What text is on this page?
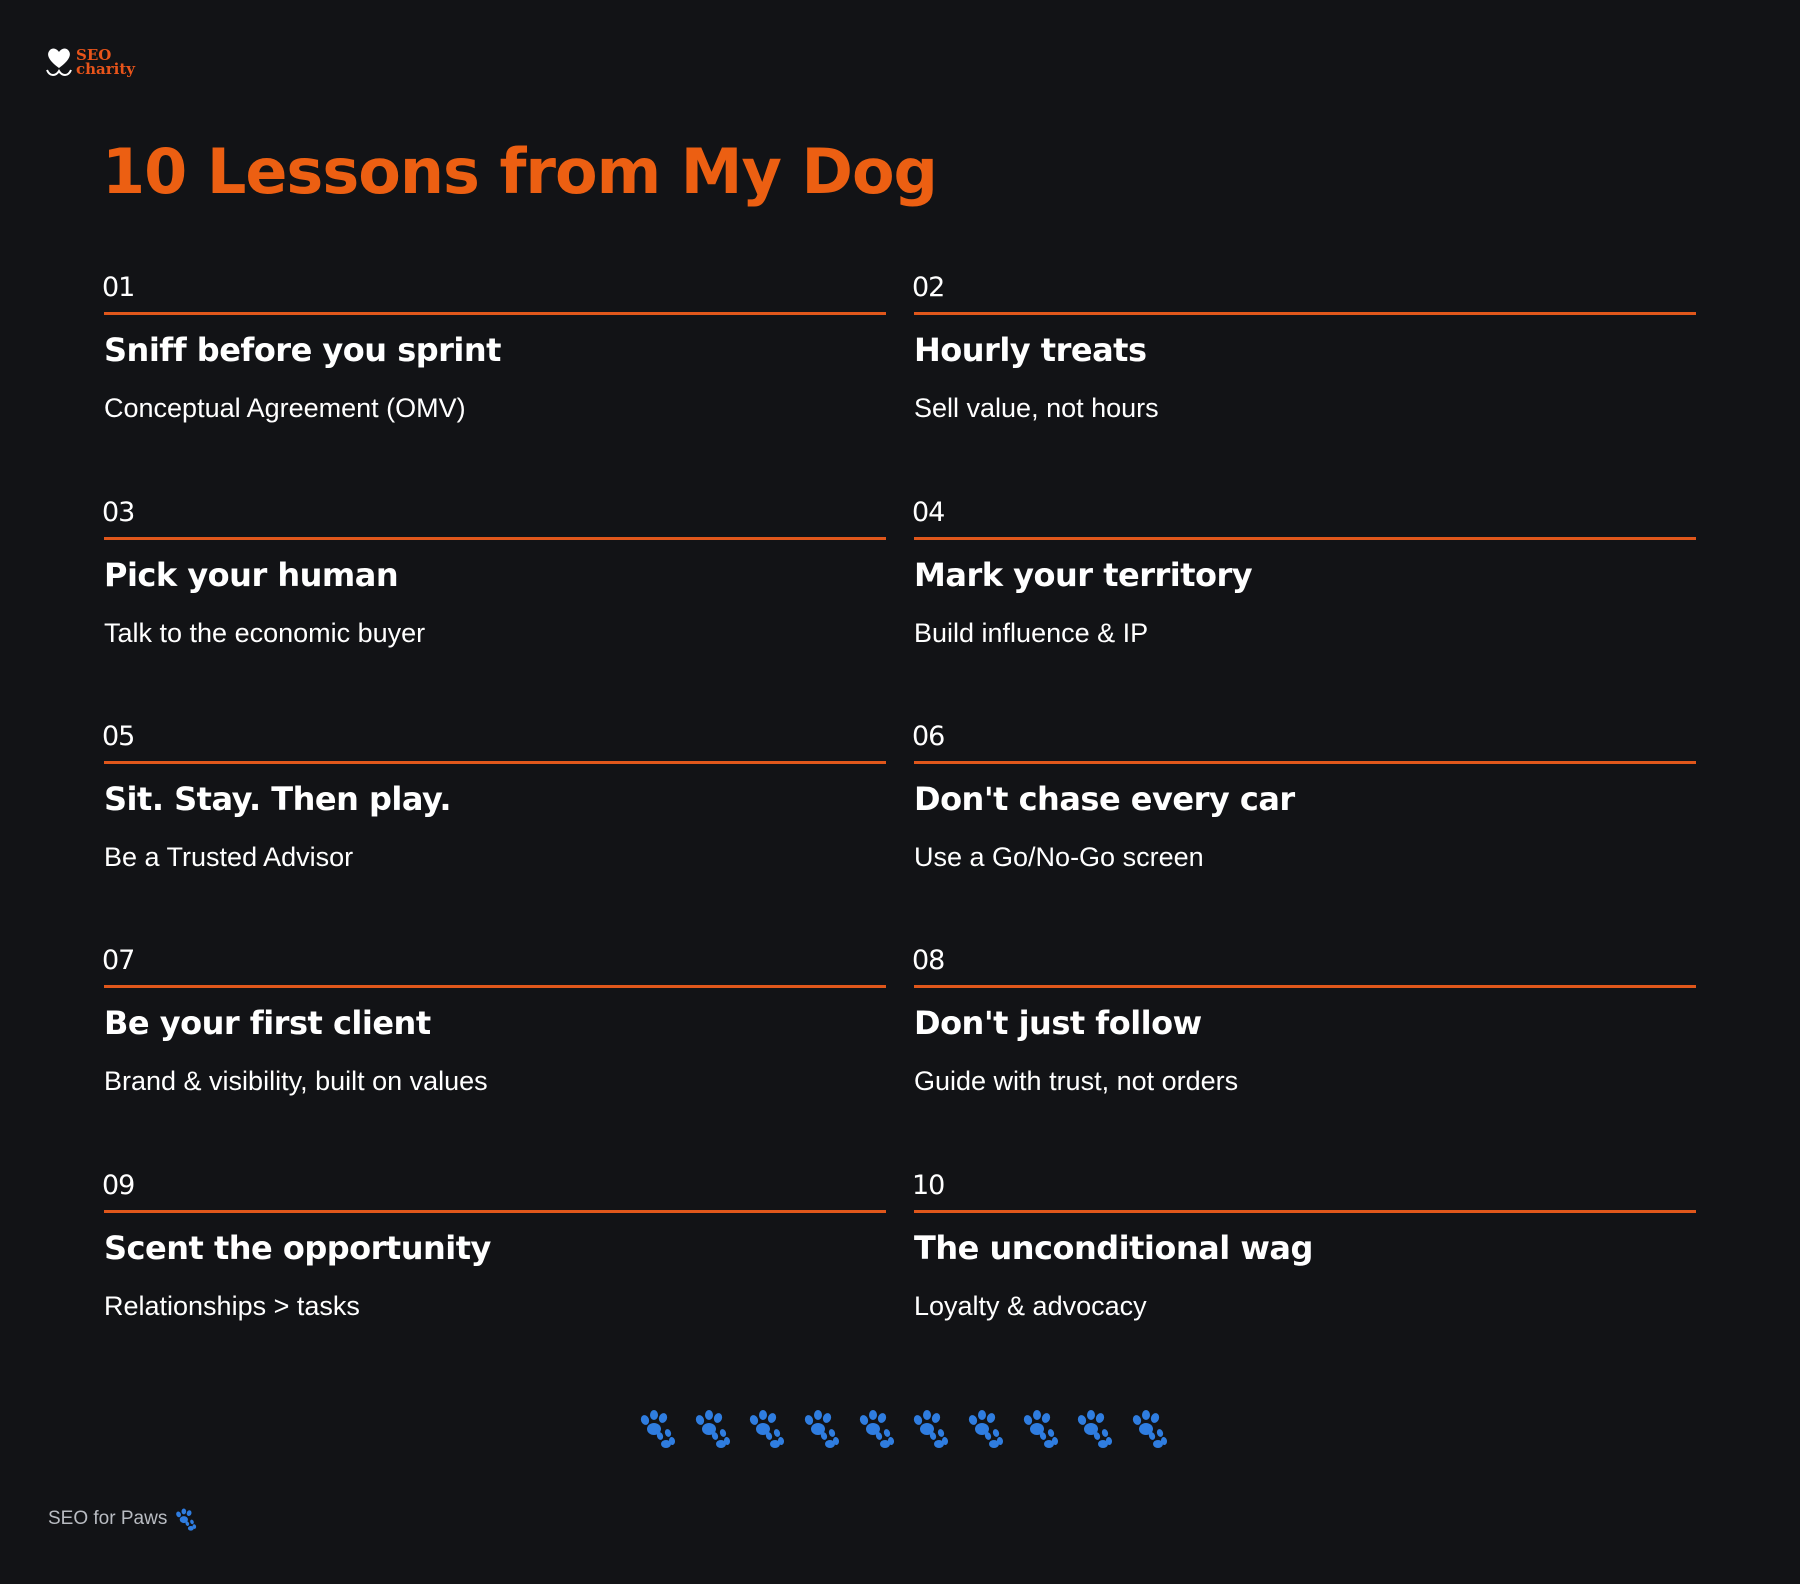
SEO
charity
10 Lessons from My Dog
01
Sniff before you sprint
Conceptual Agreement (OMV)
02
Hourly treats
Sell value, not hours
03
Pick your human
Talk to the economic buyer
04
Mark your territory
Build influence & IP
05
Sit. Stay. Then play.
Be a Trusted Advisor
06
Don't chase every car
Use a Go/No-Go screen
07
Be your first client
Brand & visibility, built on values
08
Don't just follow
Guide with trust, not orders
09
Scent the opportunity
Relationships > tasks
10
The unconditional wag
Loyalty & advocacy
SEO for Paws
